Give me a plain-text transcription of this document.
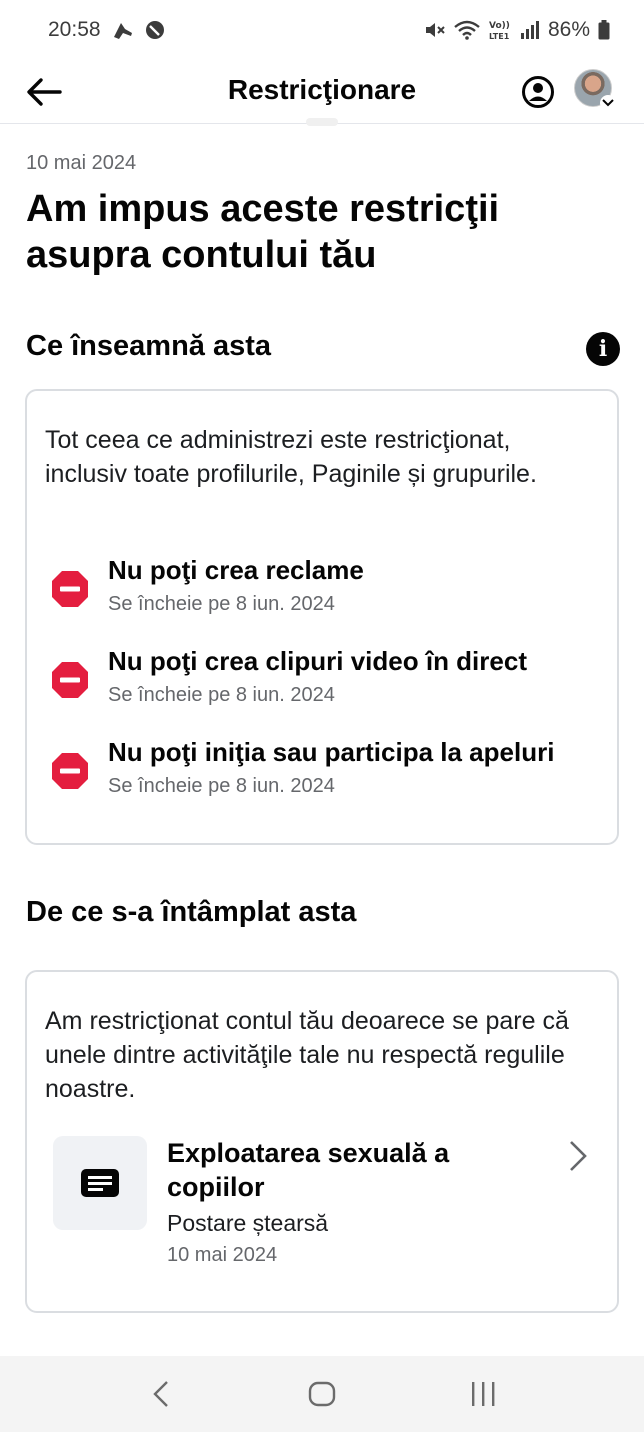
20:58	Vo))
LTE1 86%
Restricţionare
10 mai 2024
Am impus aceste restricţii asupra contului tău
Ce înseamnă asta	i
Tot ceea ce administrezi este restricţionat, inclusiv toate profilurile, Paginile și grupurile.
Nu poţi crea reclame
Se încheie pe 8 iun. 2024
Nu poţi crea clipuri video în direct
Se încheie pe 8 iun. 2024
Nu poţi iniţia sau participa la apeluri
Se încheie pe 8 iun. 2024
De ce s-a întâmplat asta
Am restricţionat contul tău deoarece se pare că unele dintre activităţile tale nu respectă regulile noastre.
Exploatarea sexuală a copiilor
Postare ștearsă
10 mai 2024
